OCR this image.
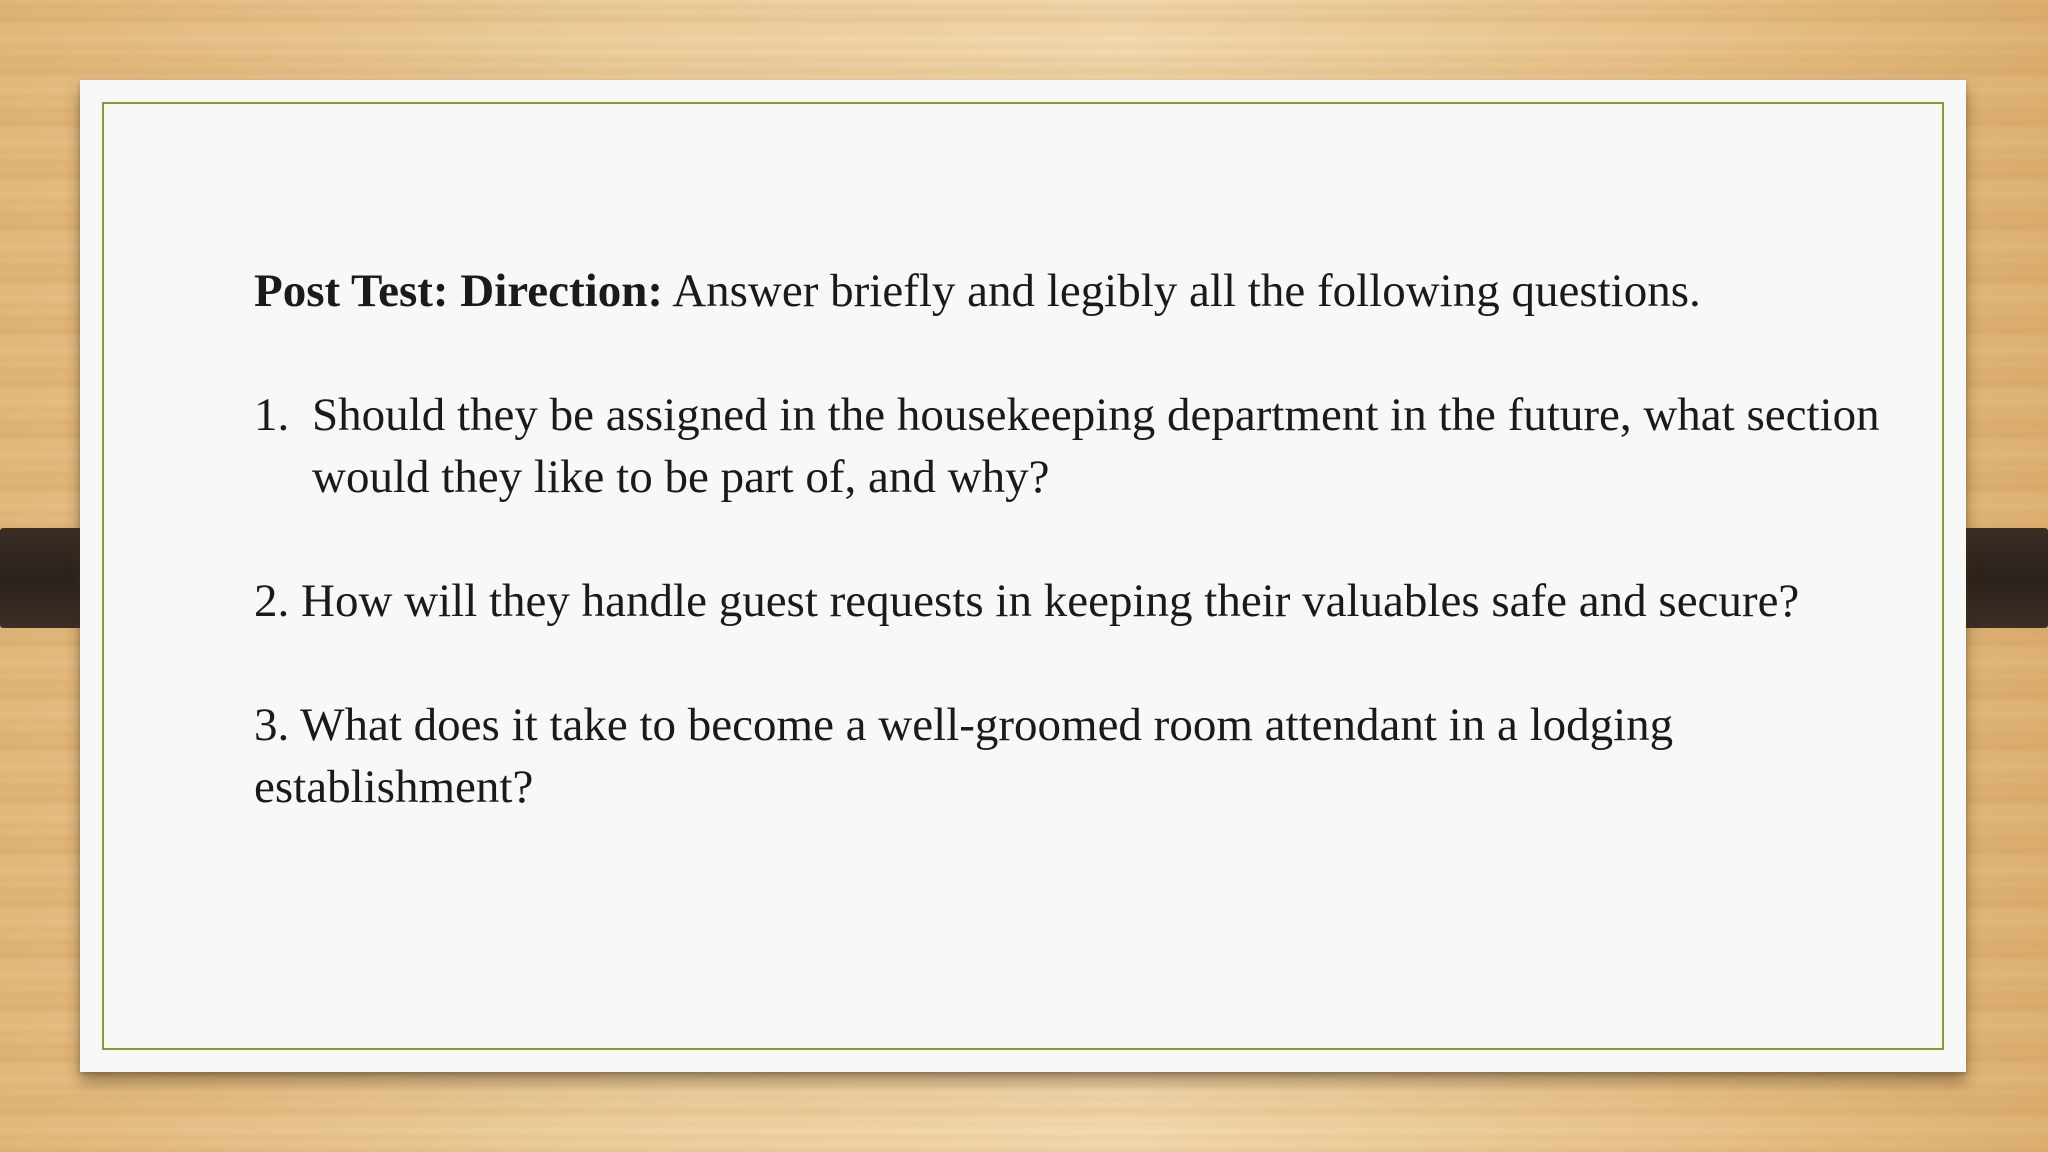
Post Test: Direction: Answer briefly and legibly all the following questions.

1. Should they be assigned in the housekeeping department in the future, what section would they like to be part of, and why?
2. How will they handle guest requests in keeping their valuables safe and secure?
3. What does it take to become a well-groomed room attendant in a lodging establishment?
